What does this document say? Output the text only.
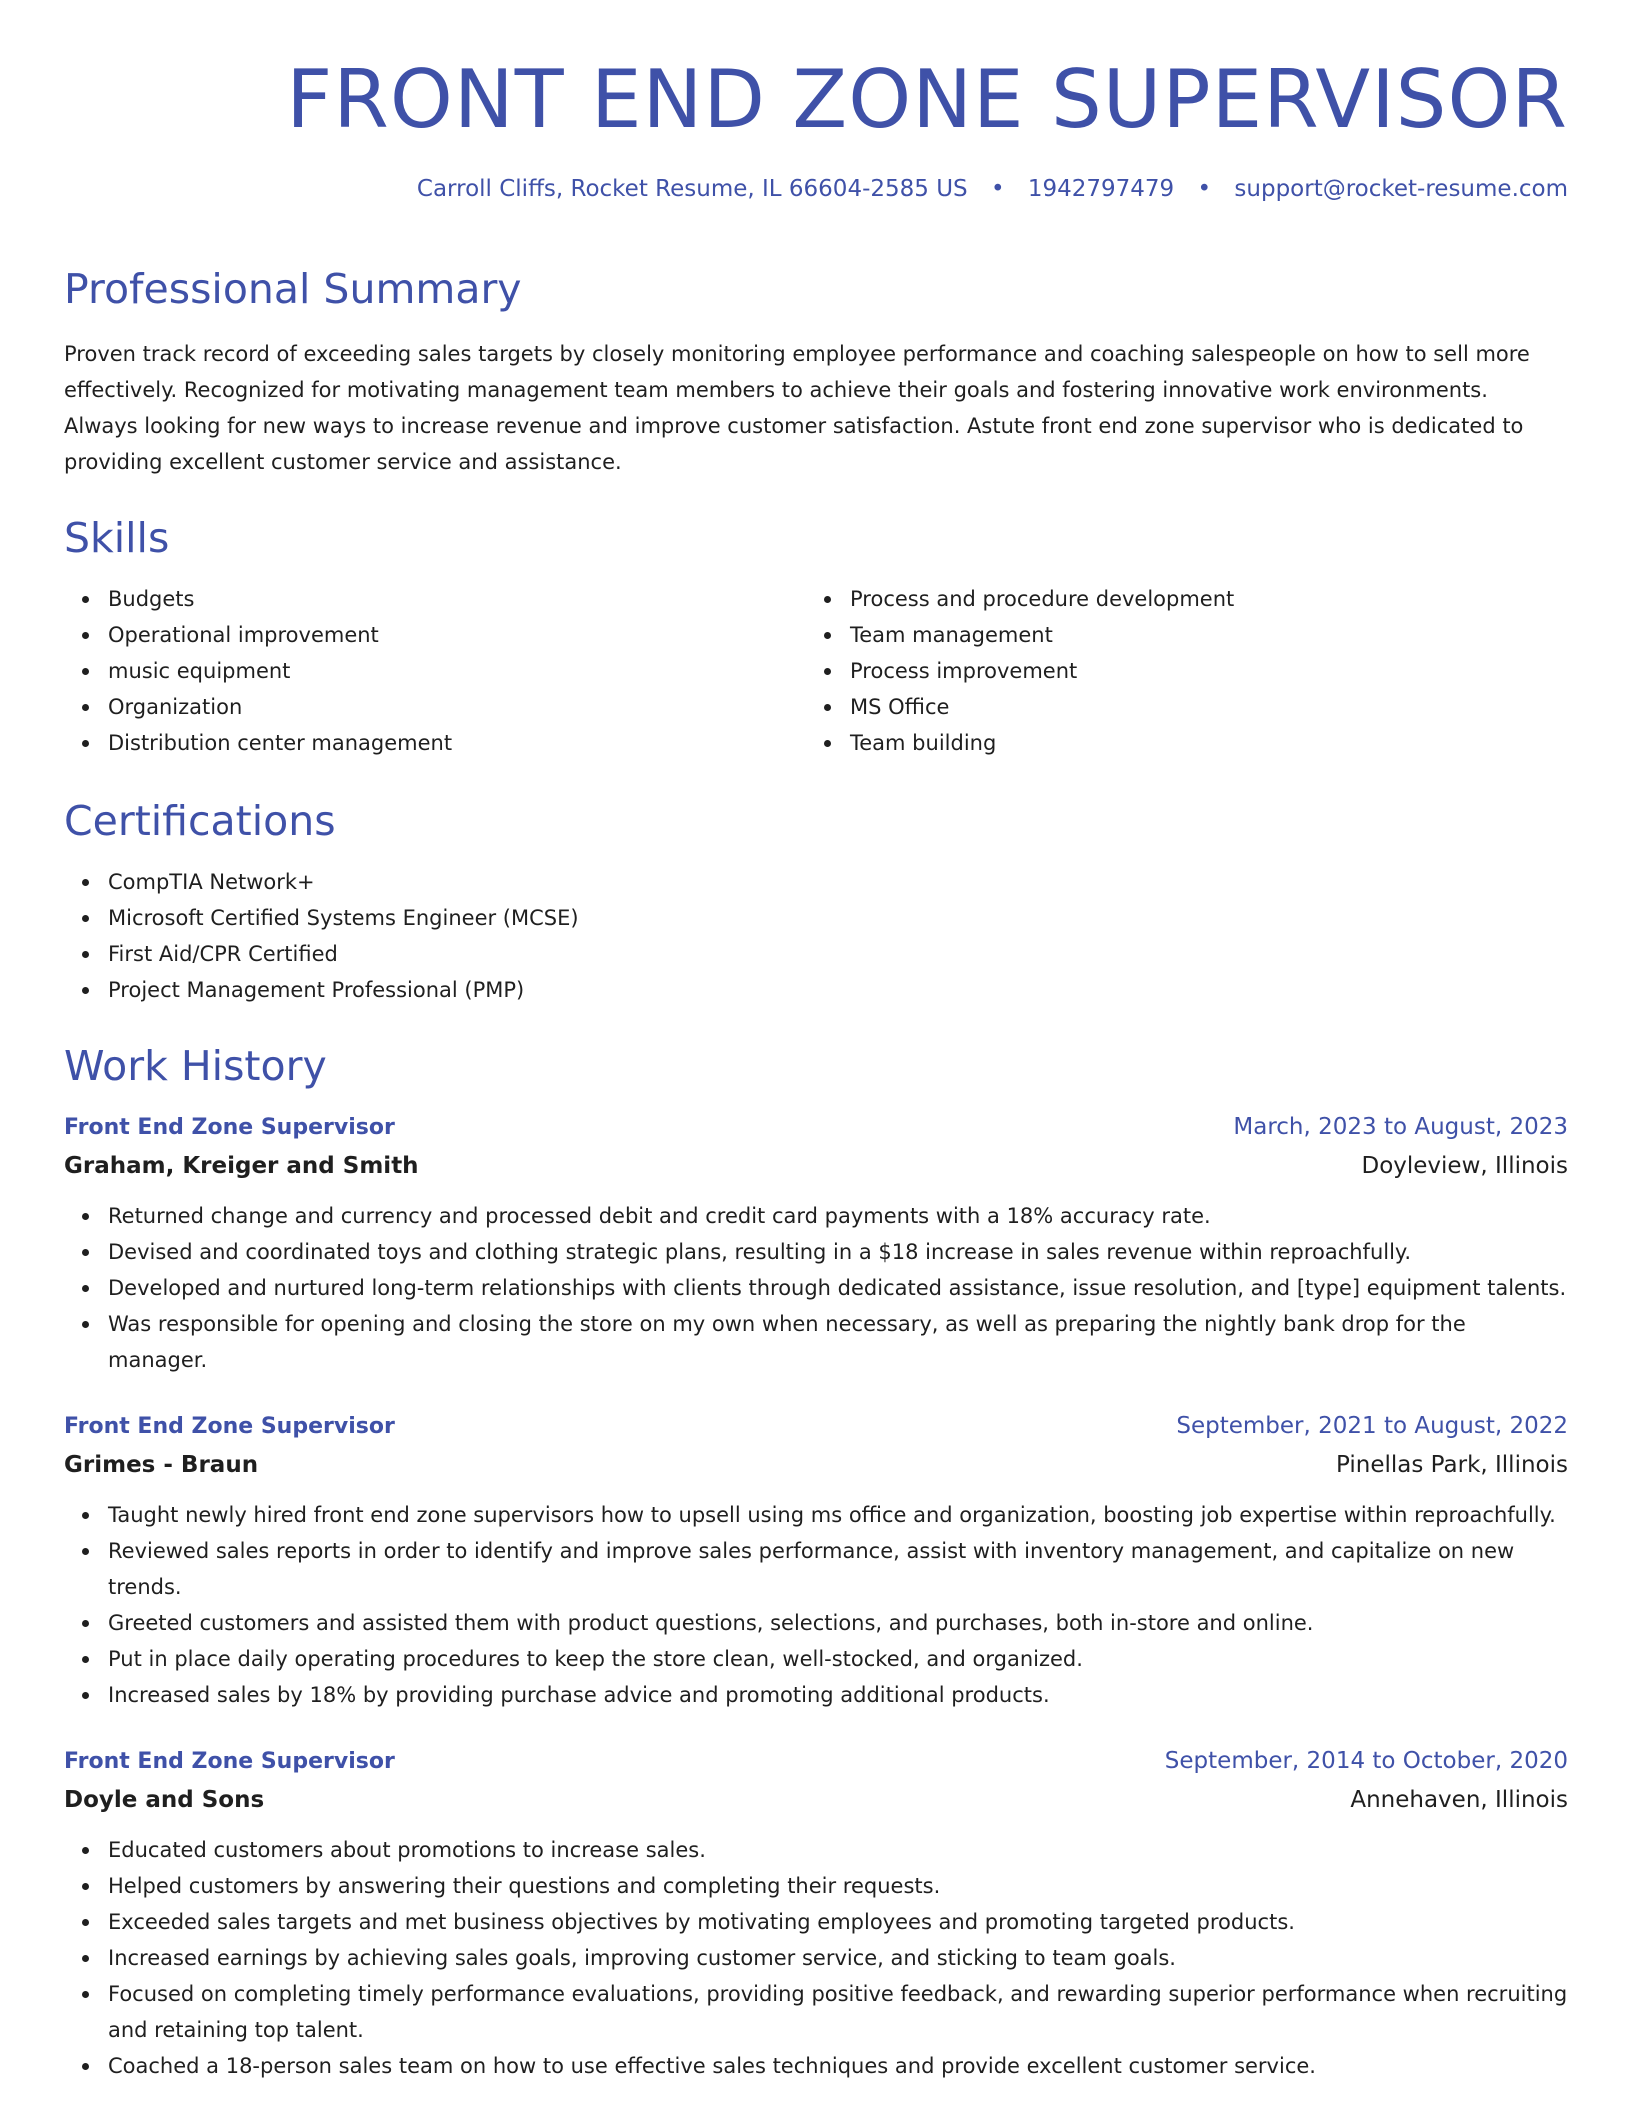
FRONT END ZONE SUPERVISOR
Carroll Cliffs, Rocket Resume, IL 66604-2585 US • 1942797479 • support@rocket-resume.com
Professional Summary

Proven track record of exceeding sales targets by closely monitoring employee performance and coaching salespeople on how to sell more effectively. Recognized for motivating management team members to achieve their goals and fostering innovative work environments. Always looking for new ways to increase revenue and improve customer satisfaction. Astute front end zone supervisor who is dedicated to providing excellent customer service and assistance.

Skills
Budgets
Operational improvement
music equipment
Organization
Distribution center management
Process and procedure development
Team management
Process improvement
MS Office
Team building
Certifications
CompTIA Network+
Microsoft Certified Systems Engineer (MCSE)
First Aid/CPR Certified
Project Management Professional (PMP)
Work History
Front End Zone Supervisor	March, 2023 to August, 2023
Graham, Kreiger and Smith	Doyleview, Illinois
Returned change and currency and processed debit and credit card payments with a 18% accuracy rate.
Devised and coordinated toys and clothing strategic plans, resulting in a $18 increase in sales revenue within reproachfully.
Developed and nurtured long-term relationships with clients through dedicated assistance, issue resolution, and [type] equipment talents.
Was responsible for opening and closing the store on my own when necessary, as well as preparing the nightly bank drop for the manager.
Front End Zone Supervisor	September, 2021 to August, 2022
Grimes - Braun	Pinellas Park, Illinois
Taught newly hired front end zone supervisors how to upsell using ms office and organization, boosting job expertise within reproachfully.
Reviewed sales reports in order to identify and improve sales performance, assist with inventory management, and capitalize on new trends.
Greeted customers and assisted them with product questions, selections, and purchases, both in-store and online.
Put in place daily operating procedures to keep the store clean, well-stocked, and organized.
Increased sales by 18% by providing purchase advice and promoting additional products.
Front End Zone Supervisor	September, 2014 to October, 2020
Doyle and Sons	Annehaven, Illinois
Educated customers about promotions to increase sales.
Helped customers by answering their questions and completing their requests.
Exceeded sales targets and met business objectives by motivating employees and promoting targeted products.
Increased earnings by achieving sales goals, improving customer service, and sticking to team goals.
Focused on completing timely performance evaluations, providing positive feedback, and rewarding superior performance when recruiting and retaining top talent.
Coached a 18-person sales team on how to use effective sales techniques and provide excellent customer service.
